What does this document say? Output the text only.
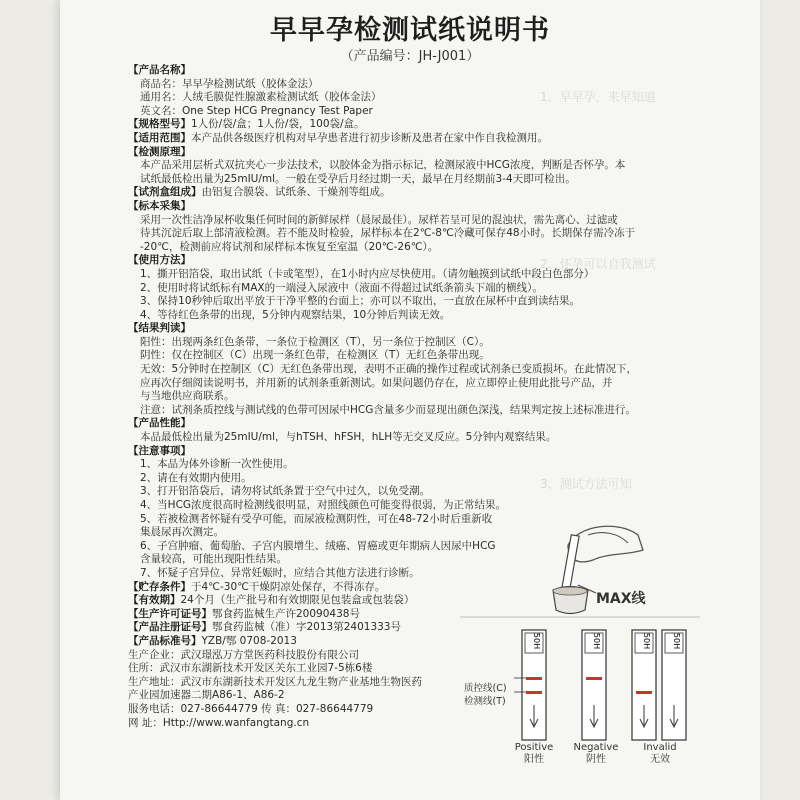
1、早早孕，来早知道
2、怀孕可以自我测试
3、测试方法可知
早早孕检测试纸说明书
（产品编号：JH-J001）
【产品名称】
商品名：早早孕检测试纸（胶体金法）
通用名：人绒毛膜促性腺激素检测试纸（胶体金法）
英文名：One Step HCG Pregnancy Test Paper
【规格型号】1人份/袋/盒；1人份/袋，100袋/盒。
【适用范围】本产品供各级医疗机构对早孕患者进行初步诊断及患者在家中作自我检测用。
【检测原理】
本产品采用层析式双抗夹心一步法技术，以胶体金为指示标记，检测尿液中HCG浓度，判断是否怀孕。本
试纸最低检出量为25mIU/ml。一般在受孕后月经过期一天，最早在月经期前3-4天即可检出。
【试剂盒组成】由铝复合膜袋、试纸条、干燥剂等组成。
【标本采集】
采用一次性洁净尿杯收集任何时间的新鲜尿样（晨尿最佳）。尿样若呈可见的混浊状，需先离心、过滤或
待其沉淀后取上部清液检测。若不能及时检验，尿样标本在2℃-8℃冷藏可保存48小时。长期保存需冷冻于
-20℃，检测前应将试剂和尿样标本恢复至室温（20℃-26℃）。
【使用方法】
1、撕开铝箔袋，取出试纸（卡或笔型），在1小时内应尽快使用。（请勿触摸到试纸中段白色部分）
2、使用时将试纸标有MAX的一端浸入尿液中（液面不得超过试纸条箭头下端的横线）。
3、保持10秒钟后取出平放于干净平整的台面上；亦可以不取出，一直放在尿杯中直到读结果。
4、等待红色条带的出现，5分钟内观察结果，10分钟后判读无效。
【结果判读】
阳性：出现两条红色条带，一条位于检测区（T），另一条位于控制区（C）。
阴性：仅在控制区（C）出现一条红色带，在检测区（T）无红色条带出现。
无效：5分钟时在控制区（C）无红色条带出现，表明不正确的操作过程或试剂条已变质损坏。在此情况下，
应再次仔细阅读说明书，并用新的试剂条重新测试。如果问题仍存在，应立即停止使用此批号产品，并
与当地供应商联系。
注意：试剂条质控线与测试线的色带可因尿中HCG含量多少而显现出颜色深浅，结果判定按上述标准进行。
【产品性能】
本品最低检出量为25mIU/ml，与hTSH、hFSH，hLH等无交叉反应。5分钟内观察结果。
【注意事项】
1、本品为体外诊断一次性使用。
2、请在有效期内使用。
3、打开铝箔袋后，请勿将试纸条置于空气中过久，以免受潮。
4、当HCG浓度很高时检测线很明显，对照线颜色可能变得很弱，为正常结果。
5、若被检测者怀疑有受孕可能，而尿液检测阴性，可在48-72小时后重新收
集晨尿再次测定。
6、子宫肿瘤、葡萄胎、子宫内膜增生、绒癌、胃癌或更年期病人因尿中HCG
含量较高，可能出现阳性结果。
7、怀疑子宫异位、异常妊娠时，应结合其他方法进行诊断。
【贮存条件】于4℃-30℃干燥阴凉处保存，不得冻存。
【有效期】24个月（生产批号和有效期限见包装盒或包装袋）
【生产许可证号】鄂食药监械生产许20090438号
【产品注册证号】鄂食药监械（准）字2013第2401333号
【产品标准号】YZB/鄂 0708-2013
生产企业：武汉璟泓万方堂医药科技股份有限公司
住所：武汉市东湖新技术开发区关东工业园7-5栋6楼
生产地址：武汉市东湖新技术开发区九龙生物产业基地生物医药
产业园加速器二期A86-1、A86-2
服务电话：027-86644779 传 真：027-86644779
网 址：Http://www.wanfangtang.cn
MAX线
50H	50H	50H	50H
质控线(C)
检测线(T)
Positive
阳性
Negative
阴性
Invalid
无效
